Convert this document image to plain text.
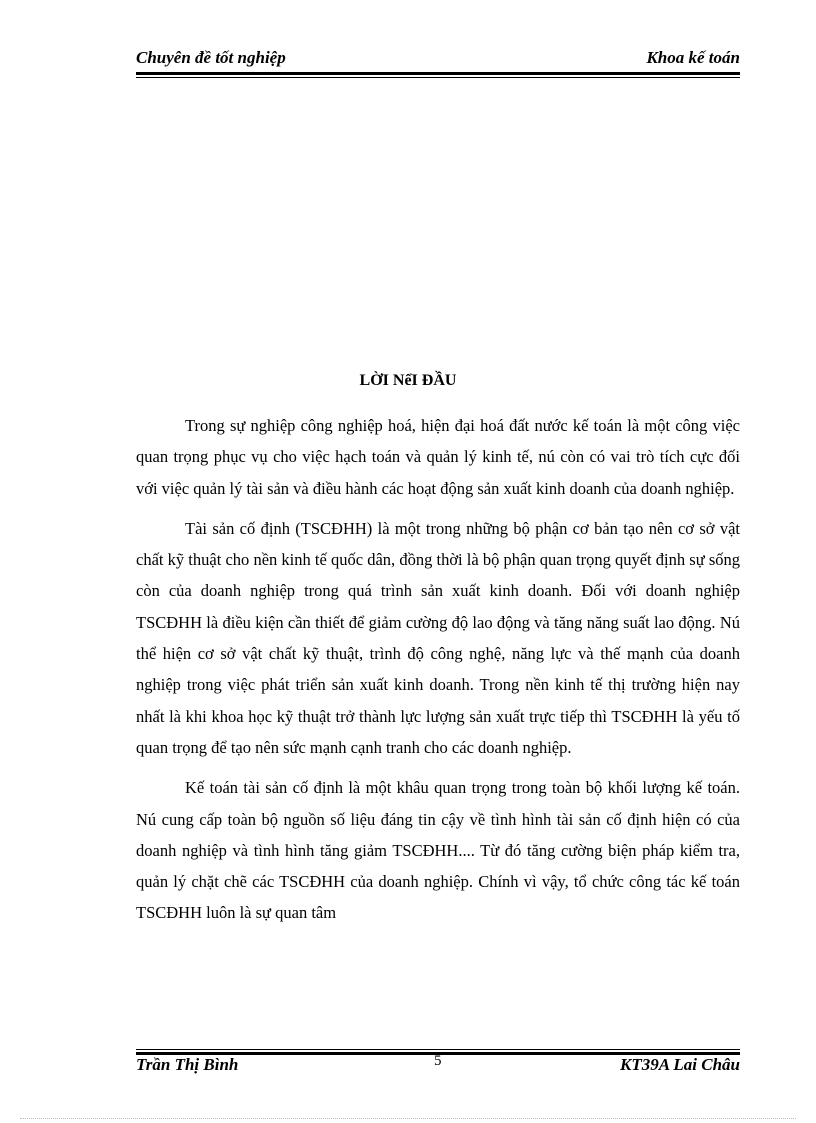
Chuyên đề tốt nghiệp	Khoa kế toán
LỜI NểI ĐẦU

Trong sự nghiệp công nghiệp hoá, hiện đại hoá đất nước kế toán là một công việc quan trọng phục vụ cho việc hạch toán và quản lý kinh tế, nú còn có vai trò tích cực đối với việc quản lý tài sản và điều hành các hoạt động sản xuất kinh doanh của doanh nghiệp.

Tài sản cố định (TSCĐHH) là một trong những bộ phận cơ bản tạo nên cơ sở vật chất kỹ thuật cho nền kinh tế quốc dân, đồng thời là bộ phận quan trọng quyết định sự sống còn của doanh nghiệp trong quá trình sản xuất kinh doanh. Đối với doanh nghiệp TSCĐHH là điều kiện cần thiết để giảm cường độ lao động và tăng năng suất lao động. Nú thể hiện cơ sở vật chất kỹ thuật, trình độ công nghệ, năng lực và thế mạnh của doanh nghiệp trong việc phát triển sản xuất kinh doanh. Trong nền kinh tế thị trường hiện nay nhất là khi khoa học kỹ thuật trở thành lực lượng sản xuất trực tiếp thì TSCĐHH là yếu tố quan trọng để tạo nên sức mạnh cạnh tranh cho các doanh nghiệp.

Kế toán tài sản cố định là một khâu quan trọng trong toàn bộ khối lượng kế toán. Nú cung cấp toàn bộ nguồn số liệu đáng tin cậy về tình hình tài sản cố định hiện có của doanh nghiệp và tình hình tăng giảm TSCĐHH.... Từ đó tăng cường biện pháp kiểm tra, quản lý chặt chẽ các TSCĐHH của doanh nghiệp. Chính vì vậy, tổ chức công tác kế toán TSCĐHH luôn là sự quan tâm

Trần Thị Bình	5	KT39A Lai Châu
